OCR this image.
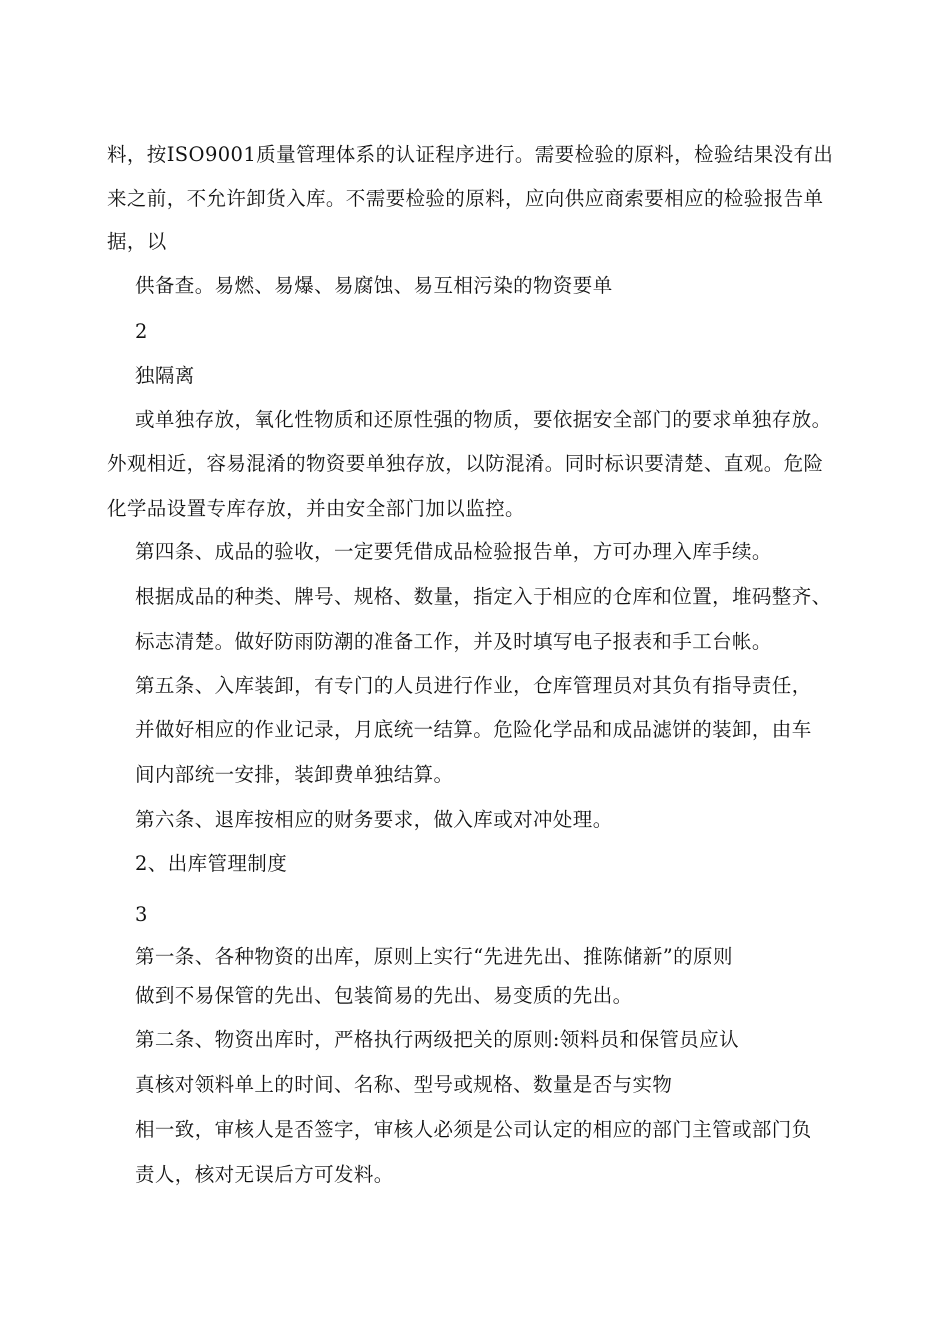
料，按ISO9001质量管理体系的认证程序进行。需要检验的原料，检验结果没有出
来之前，不允许卸货入库。不需要检验的原料，应向供应商索要相应的检验报告单
据，以
供备查。易燃、易爆、易腐蚀、易互相污染的物资要单
2
独隔离
或单独存放，氧化性物质和还原性强的物质，要依据安全部门的要求单独存放。
外观相近，容易混淆的物资要单独存放，以防混淆。同时标识要清楚、直观。危险
化学品设置专库存放，并由安全部门加以监控。
第四条、成品的验收，一定要凭借成品检验报告单，方可办理入库手续。
根据成品的种类、牌号、规格、数量，指定入于相应的仓库和位置，堆码整齐、
标志清楚。做好防雨防潮的准备工作，并及时填写电子报表和手工台帐。
第五条、入库装卸，有专门的人员进行作业，仓库管理员对其负有指导责任，
并做好相应的作业记录，月底统一结算。危险化学品和成品滤饼的装卸，由车
间内部统一安排，装卸费单独结算。
第六条、退库按相应的财务要求，做入库或对冲处理。
2、出库管理制度
3
第一条、各种物资的出库，原则上实行“先进先出、推陈储新”的原则
做到不易保管的先出、包装简易的先出、易变质的先出。
第二条、物资出库时，严格执行两级把关的原则:领料员和保管员应认
真核对领料单上的时间、名称、型号或规格、数量是否与实物
相一致，审核人是否签字，审核人必须是公司认定的相应的部门主管或部门负
责人，核对无误后方可发料。
